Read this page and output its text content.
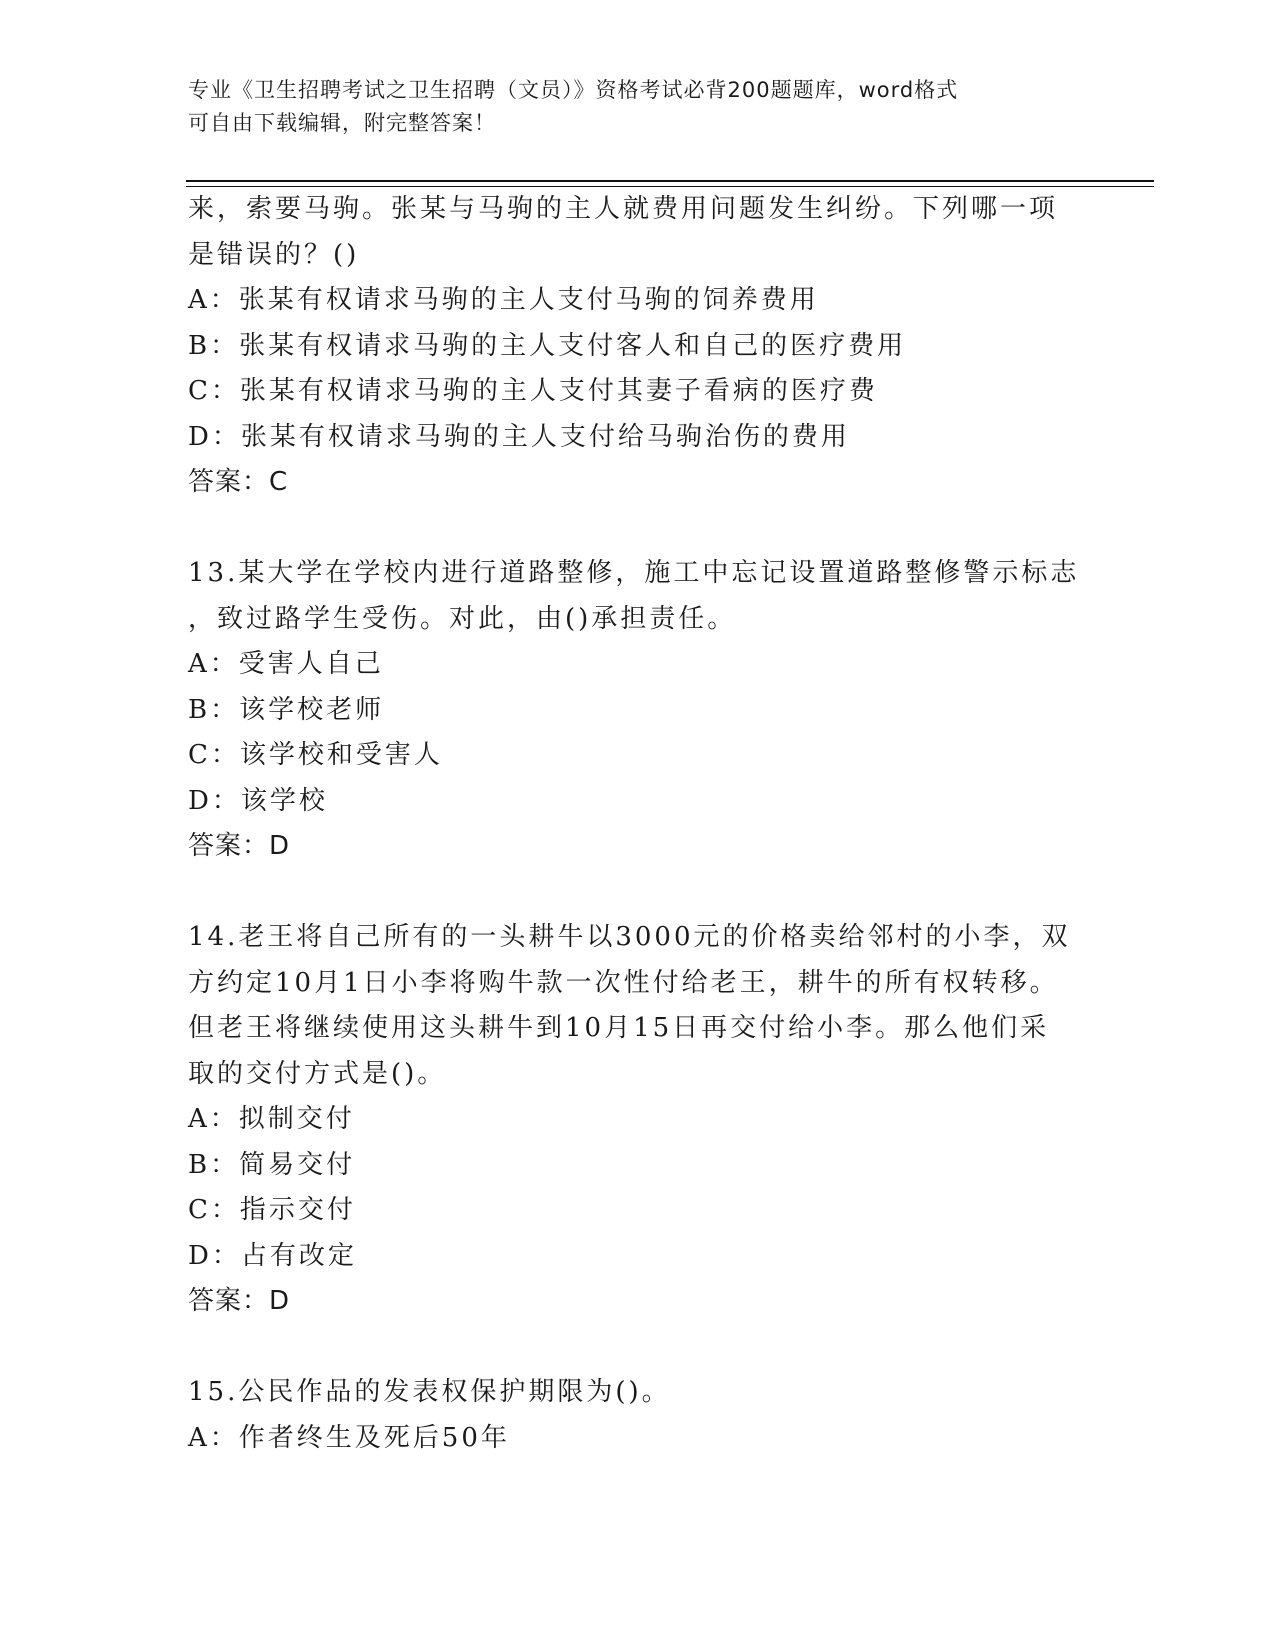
专业《卫生招聘考试之卫生招聘（文员）》资格考试必背200题题库，word格式
可自由下载编辑，附完整答案！
来，索要马驹。张某与马驹的主人就费用问题发生纠纷。下列哪一项
是错误的？()
A：张某有权请求马驹的主人支付马驹的饲养费用
B：张某有权请求马驹的主人支付客人和自己的医疗费用
C：张某有权请求马驹的主人支付其妻子看病的医疗费
D：张某有权请求马驹的主人支付给马驹治伤的费用
答案：C
13.某大学在学校内进行道路整修，施工中忘记设置道路整修警示标志
，致过路学生受伤。对此，由()承担责任。
A：受害人自己
B：该学校老师
C：该学校和受害人
D：该学校
答案：D
14.老王将自己所有的一头耕牛以3000元的价格卖给邻村的小李，双
方约定10月1日小李将购牛款一次性付给老王，耕牛的所有权转移。
但老王将继续使用这头耕牛到10月15日再交付给小李。那么他们采
取的交付方式是()。
A：拟制交付
B：简易交付
C：指示交付
D：占有改定
答案：D
15.公民作品的发表权保护期限为()。
A：作者终生及死后50年
